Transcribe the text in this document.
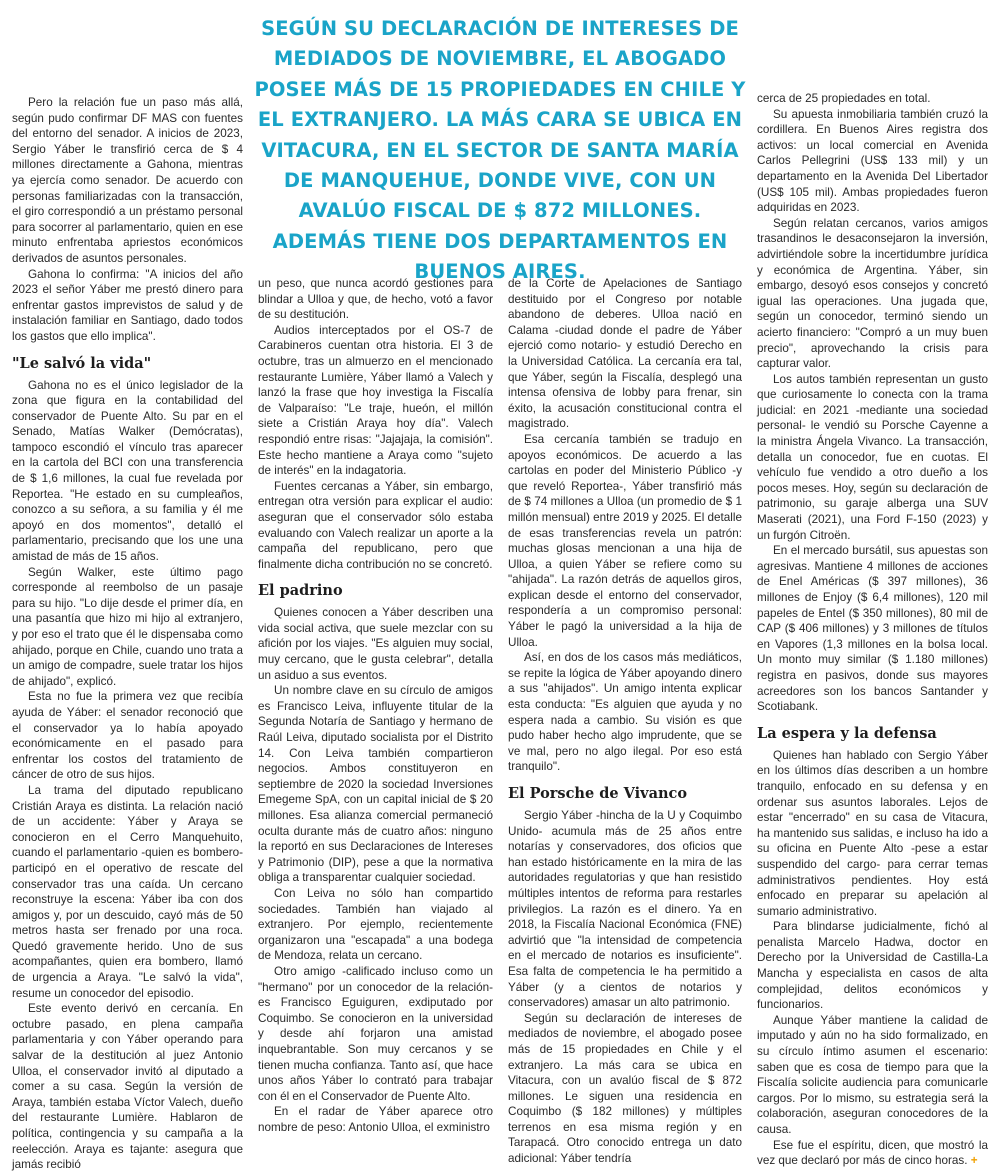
SEGÚN SU DECLARACIÓN DE INTERESES DE MEDIADOS DE NOVIEMBRE, EL ABOGADO POSEE MÁS DE 15 PROPIEDADES EN CHILE Y EL EXTRANJERO. LA MÁS CARA SE UBICA EN VITACURA, EN EL SECTOR DE SANTA MARÍA DE MANQUEHUE, DONDE VIVE, CON UN AVALÚO FISCAL DE $ 872 MILLONES. ADEMÁS TIENE DOS DEPARTAMENTOS EN BUENOS AIRES.

Pero la relación fue un paso más allá, según pudo confirmar DF MAS con fuentes del entorno del senador. A inicios de 2023, Sergio Yáber le transfirió cerca de $ 4 millones directamente a Gahona, mientras ya ejercía como senador. De acuerdo con personas familiarizadas con la transacción, el giro correspondió a un préstamo personal para socorrer al parlamentario, quien en ese minuto enfrentaba apriestos económicos derivados de asuntos personales.

Gahona lo confirma: "A inicios del año 2023 el señor Yáber me prestó dinero para enfrentar gastos imprevistos de salud y de instalación familiar en Santiago, dado todos los gastos que ello implica".

"Le salvó la vida"

Gahona no es el único legislador de la zona que figura en la contabilidad del conservador de Puente Alto. Su par en el Senado, Matías Walker (Demócratas), tampoco escondió el vínculo tras aparecer en la cartola del BCI con una transferencia de $ 1,6 millones, la cual fue revelada por Reportea. "He estado en su cumpleaños, conozco a su señora, a su familia y él me apoyó en dos momentos", detalló el parlamentario, precisando que los une una amistad de más de 15 años.

Según Walker, este último pago corresponde al reembolso de un pasaje para su hijo. "Lo dije desde el primer día, en una pasantía que hizo mi hijo al extranjero, y por eso el trato que él le dispensaba como ahijado, porque en Chile, cuando uno trata a un amigo de compadre, suele tratar los hijos de ahijado", explicó.

Esta no fue la primera vez que recibía ayuda de Yáber: el senador reconoció que el conservador ya lo había apoyado económicamente en el pasado para enfrentar los costos del tratamiento de cáncer de otro de sus hijos.

La trama del diputado republicano Cristián Araya es distinta. La relación nació de un accidente: Yáber y Araya se conocieron en el Cerro Manquehuito, cuando el parlamentario -quien es bombero- participó en el operativo de rescate del conservador tras una caída. Un cercano reconstruye la escena: Yáber iba con dos amigos y, por un descuido, cayó más de 50 metros hasta ser frenado por una roca. Quedó gravemente herido. Uno de sus acompañantes, quien era bombero, llamó de urgencia a Araya. "Le salvó la vida", resume un conocedor del episodio.

Este evento derivó en cercanía. En octubre pasado, en plena campaña parlamentaria y con Yáber operando para salvar de la destitución al juez Antonio Ulloa, el conservador invitó al diputado a comer a su casa. Según la versión de Araya, también estaba Víctor Valech, dueño del restaurante Lumière. Hablaron de política, contingencia y su campaña a la reelección. Araya es tajante: asegura que jamás recibió

un peso, que nunca acordó gestiones para blindar a Ulloa y que, de hecho, votó a favor de su destitución.

Audios interceptados por el OS-7 de Carabineros cuentan otra historia. El 3 de octubre, tras un almuerzo en el mencionado restaurante Lumière, Yáber llamó a Valech y lanzó la frase que hoy investiga la Fiscalía de Valparaíso: "Le traje, hueón, el millón siete a Cristián Araya hoy día". Valech respondió entre risas: "Jajajaja, la comisión". Este hecho mantiene a Araya como "sujeto de interés" en la indagatoria.

Fuentes cercanas a Yáber, sin embargo, entregan otra versión para explicar el audio: aseguran que el conservador sólo estaba evaluando con Valech realizar un aporte a la campaña del republicano, pero que finalmente dicha contribución no se concretó.

El padrino

Quienes conocen a Yáber describen una vida social activa, que suele mezclar con su afición por los viajes. "Es alguien muy social, muy cercano, que le gusta celebrar", detalla un asiduo a sus eventos.

Un nombre clave en su círculo de amigos es Francisco Leiva, influyente titular de la Segunda Notaría de Santiago y hermano de Raúl Leiva, diputado socialista por el Distrito 14. Con Leiva también compartieron negocios. Ambos constituyeron en septiembre de 2020 la sociedad Inversiones Emegeme SpA, con un capital inicial de $ 20 millones. Esa alianza comercial permaneció oculta durante más de cuatro años: ninguno la reportó en sus Declaraciones de Intereses y Patrimonio (DIP), pese a que la normativa obliga a transparentar cualquier sociedad.

Con Leiva no sólo han compartido sociedades. También han viajado al extranjero. Por ejemplo, recientemente organizaron una "escapada" a una bodega de Mendoza, relata un cercano.

Otro amigo -calificado incluso como un "hermano" por un conocedor de la relación- es Francisco Eguiguren, exdiputado por Coquimbo. Se conocieron en la universidad y desde ahí forjaron una amistad inquebrantable. Son muy cercanos y se tienen mucha confianza. Tanto así, que hace unos años Yáber lo contrató para trabajar con él en el Conservador de Puente Alto.

En el radar de Yáber aparece otro nombre de peso: Antonio Ulloa, el exministro

de la Corte de Apelaciones de Santiago destituido por el Congreso por notable abandono de deberes. Ulloa nació en Calama -ciudad donde el padre de Yáber ejerció como notario- y estudió Derecho en la Universidad Católica. La cercanía era tal, que Yáber, según la Fiscalía, desplegó una intensa ofensiva de lobby para frenar, sin éxito, la acusación constitucional contra el magistrado.

Esa cercanía también se tradujo en apoyos económicos. De acuerdo a las cartolas en poder del Ministerio Público -y que reveló Reportea-, Yáber transfirió más de $ 74 millones a Ulloa (un promedio de $ 1 millón mensual) entre 2019 y 2025. El detalle de esas transferencias revela un patrón: muchas glosas mencionan a una hija de Ulloa, a quien Yáber se refiere como su "ahijada". La razón detrás de aquellos giros, explican desde el entorno del conservador, respondería a un compromiso personal: Yáber le pagó la universidad a la hija de Ulloa.

Así, en dos de los casos más mediáticos, se repite la lógica de Yáber apoyando dinero a sus "ahijados". Un amigo intenta explicar esta conducta: "Es alguien que ayuda y no espera nada a cambio. Su visión es que pudo haber hecho algo imprudente, que se ve mal, pero no algo ilegal. Por eso está tranquilo".

El Porsche de Vivanco

Sergio Yáber -hincha de la U y Coquimbo Unido- acumula más de 25 años entre notarías y conservadores, dos oficios que han estado históricamente en la mira de las autoridades regulatorias y que han resistido múltiples intentos de reforma para restarles privilegios. La razón es el dinero. Ya en 2018, la Fiscalía Nacional Económica (FNE) advirtió que "la intensidad de competencia en el mercado de notarios es insuficiente". Esa falta de competencia le ha permitido a Yáber (y a cientos de notarios y conservadores) amasar un alto patrimonio.

Según su declaración de intereses de mediados de noviembre, el abogado posee más de 15 propiedades en Chile y el extranjero. La más cara se ubica en Vitacura, con un avalúo fiscal de $ 872 millones. Le siguen una residencia en Coquimbo ($ 182 millones) y múltiples terrenos en esa misma región y en Tarapacá. Otro conocido entrega un dato adicional: Yáber tendría

cerca de 25 propiedades en total.

Su apuesta inmobiliaria también cruzó la cordillera. En Buenos Aires registra dos activos: un local comercial en Avenida Carlos Pellegrini (US$ 133 mil) y un departamento en la Avenida Del Libertador (US$ 105 mil). Ambas propiedades fueron adquiridas en 2023.

Según relatan cercanos, varios amigos trasandinos le desaconsejaron la inversión, advirtiéndole sobre la incertidumbre jurídica y económica de Argentina. Yáber, sin embargo, desoyó esos consejos y concretó igual las operaciones. Una jugada que, según un conocedor, terminó siendo un acierto financiero: "Compró a un muy buen precio", aprovechando la crisis para capturar valor.

Los autos también representan un gusto que curiosamente lo conecta con la trama judicial: en 2021 -mediante una sociedad personal- le vendió su Porsche Cayenne a la ministra Ángela Vivanco. La transacción, detalla un conocedor, fue en cuotas. El vehículo fue vendido a otro dueño a los pocos meses. Hoy, según su declaración de patrimonio, su garaje alberga una SUV Maserati (2021), una Ford F-150 (2023) y un furgón Citroën.

En el mercado bursátil, sus apuestas son agresivas. Mantiene 4 millones de acciones de Enel Américas ($ 397 millones), 36 millones de Enjoy ($ 6,4 millones), 120 mil papeles de Entel ($ 350 millones), 80 mil de CAP ($ 406 millones) y 3 millones de títulos en Vapores (1,3 millones en la bolsa local. Un monto muy similar ($ 1.180 millones) registra en pasivos, donde sus mayores acreedores son los bancos Santander y Scotiabank.

La espera y la defensa

Quienes han hablado con Sergio Yáber en los últimos días describen a un hombre tranquilo, enfocado en su defensa y en ordenar sus asuntos laborales. Lejos de estar "encerrado" en su casa de Vitacura, ha mantenido sus salidas, e incluso ha ido a su oficina en Puente Alto -pese a estar suspendido del cargo- para cerrar temas administrativos pendientes. Hoy está enfocado en preparar su apelación al sumario administrativo.

Para blindarse judicialmente, fichó al penalista Marcelo Hadwa, doctor en Derecho por la Universidad de Castilla-La Mancha y especialista en casos de alta complejidad, delitos económicos y funcionarios.

Aunque Yáber mantiene la calidad de imputado y aún no ha sido formalizado, en su círculo íntimo asumen el escenario: saben que es cosa de tiempo para que la Fiscalía solicite audiencia para comunicarle cargos. Por lo mismo, su estrategia será la colaboración, aseguran conocedores de la causa.

Ese fue el espíritu, dicen, que mostró la vez que declaró por más de cinco horas. +
